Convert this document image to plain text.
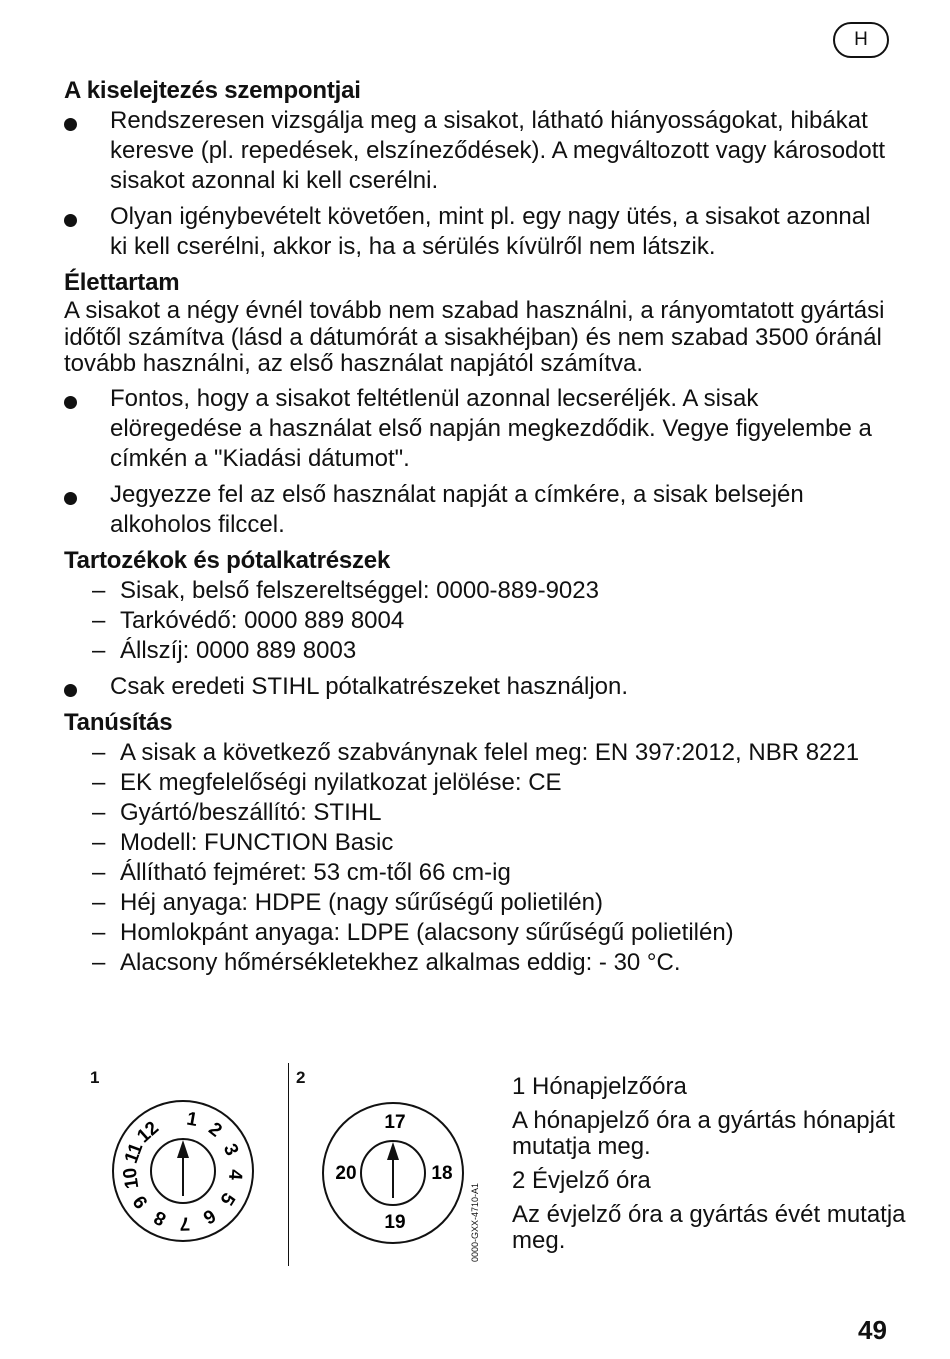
H
A kiselejtezés szempontjai

Rendszeresen vizsgálja meg a sisakot, látható hiányosságokat, hibákat keresve (pl. repedések, elszíneződések). A megváltozott vagy károsodott sisakot azonnal ki kell cserélni.

Olyan igénybevételt követően, mint pl. egy nagy ütés, a sisakot azonnal ki kell cserélni, akkor is, ha a sérülés kívülről nem látszik.

Élettartam

A sisakot a négy évnél tovább nem szabad használni, a rányomtatott gyártási időtől számítva (lásd a dátumórát a sisakhéjban) és nem szabad 3500 óránál tovább használni, az első használat napjától számítva.

Fontos, hogy a sisakot feltétlenül azonnal lecseréljék. A sisak elöregedése a használat első napján megkezdődik. Vegye figyelembe a címkén a "Kiadási dátumot".

Jegyezze fel az első használat napját a címkére, a sisak belsején alkoholos filccel.

Tartozékok és pótalkatrészek

– Sisak, belső felszereltséggel: 0000-889-9023

– Tarkóvédő: 0000 889 8004

– Állszíj: 0000 889 8003

Csak eredeti STIHL pótalkatrészeket használjon.

Tanúsítás

– A sisak a következő szabványnak felel meg: EN 397:2012, NBR 8221

– EK megfelelőségi nyilatkozat jelölése: CE

– Gyártó/beszállító: STIHL

– Modell: FUNCTION Basic

– Állítható fejméret: 53 cm-től 66 cm-ig

– Héj anyaga: HDPE (nagy sűrűségű polietilén)

– Homlokpánt anyaga: LDPE (alacsony sűrűségű polietilén)

– Alacsony hőmérsékletekhez alkalmas eddig: - 30 °C.

1	2
1 2
3
4
5
6
7
8
9
10
11
12	17
18
19
20
0000-GXX-4710-A1

1 Hónapjelzőóra

A hónapjelző óra a gyártás hónapját mutatja meg.

2 Évjelző óra

Az évjelző óra a gyártás évét mutatja meg.

49
